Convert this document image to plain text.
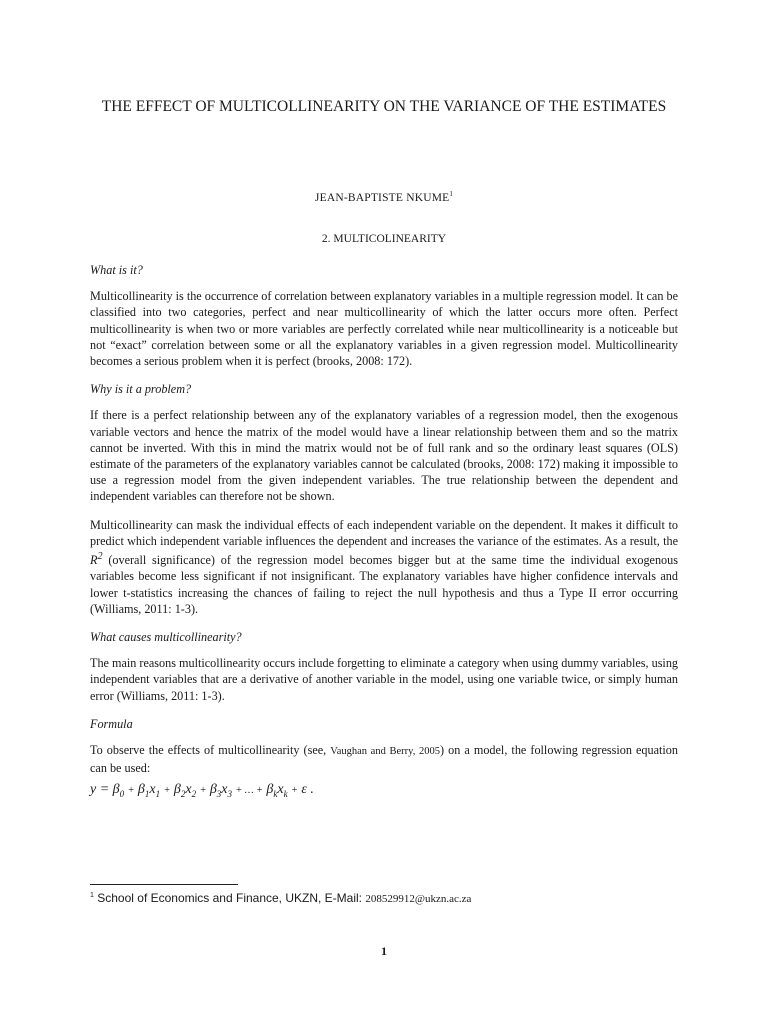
THE EFFECT OF MULTICOLLINEARITY ON THE VARIANCE OF THE ESTIMATES
JEAN-BAPTISTE NKUME$^1$
2. MULTICOLINEARITY

What is it?

Multicollinearity is the occurrence of correlation between explanatory variables in a multiple regression model. It can be classified into two categories, perfect and near multicollinearity of which the latter occurs more often. Perfect multicollinearity is when two or more variables are perfectly correlated while near multicollinearity is a noticeable but not “exact” correlation between some or all the explanatory variables in a given regression model. Multicollinearity becomes a serious problem when it is perfect (brooks, 2008: 172).

Why is it a problem?

If there is a perfect relationship between any of the explanatory variables of a regression model, then the exogenous variable vectors and hence the matrix of the model would have a linear relationship between them and so the matrix cannot be inverted. With this in mind the matrix would not be of full rank and so the ordinary least squares (OLS) estimate of the parameters of the explanatory variables cannot be calculated (brooks, 2008: 172) making it impossible to use a regression model from the given independent variables. The true relationship between the dependent and independent variables can therefore not be shown.

Multicollinearity can mask the individual effects of each independent variable on the dependent. It makes it difficult to predict which independent variable influences the dependent and increases the variance of the estimates. As a result, the $R^2$ (overall significance) of the regression model becomes bigger but at the same time the individual exogenous variables become less significant if not insignificant. The explanatory variables have higher confidence intervals and lower t-statistics increasing the chances of failing to reject the null hypothesis and thus a Type II error occurring (Williams, 2011: 1-3).

What causes multicollinearity?

The main reasons multicollinearity occurs include forgetting to eliminate a category when using dummy variables, using independent variables that are a derivative of another variable in the model, using one variable twice, or simply human error (Williams, 2011: 1-3).

Formula

To observe the effects of multicollinearity (see, Vaughan and Berry, 2005) on a model, the following regression equation can be used:

$y = \beta_0 + \beta_1x_1 + \beta_2x_2 + \beta_3x_3$ + … + $\beta_kx_k + \varepsilon$ .
$^1$ School of Economics and Finance, UKZN, E-Mail: 208529912@ukzn.ac.za
1
